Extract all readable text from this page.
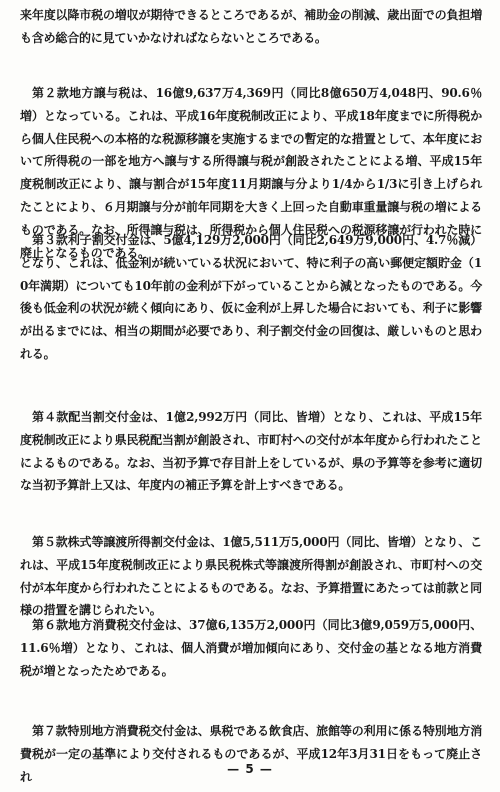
来年度以降市税の増収が期待できるところであるが、補助金の削減、歳出面での負担増も含め総合的に見ていかなければならないところである。

第２款地方譲与税は、16億9,637万4,369円（同比8億650万4,048円、90.6％増）となっている。これは、平成16年度税制改正により、平成18年度までに所得税から個人住民税への本格的な税源移譲を実施するまでの暫定的な措置として、本年度において所得税の一部を地方へ譲与する所得譲与税が創設されたことによる増、平成15年度税制改正により、譲与割合が15年度11月期譲与分より1/4から1/3に引き上げられたことにより、６月期譲与分が前年同期を大きく上回った自動車重量譲与税の増によるものである。なお、所得譲与税は、所得税から個人住民税への税源移譲が行われた時に廃止となるものである。

第３款利子割交付金は、5億4,129万2,000円（同比2,649万9,000円、4.7％減）となり、これは、低金利が続いている状況において、特に利子の高い郵便定額貯金（10年満期）についても10年前の金利が下がっていることから減となったものである。今後も低金利の状況が続く傾向にあり、仮に金利が上昇した場合においても、利子に影響が出るまでには、相当の期間が必要であり、利子割交付金の回復は、厳しいものと思われる。

第４款配当割交付金は、1億2,992万円（同比、皆増）となり、これは、平成15年度税制改正により県民税配当割が創設され、市町村への交付が本年度から行われたことによるものである。なお、当初予算で存目計上をしているが、県の予算等を参考に適切な当初予算計上又は、年度内の補正予算を計上すべきである。

第５款株式等譲渡所得割交付金は、1億5,511万5,000円（同比、皆増）となり、これは、平成15年度税制改正により県民税株式等譲渡所得割が創設され、市町村への交付が本年度から行われたことによるものである。なお、予算措置にあたっては前款と同様の措置を講じられたい。

第６款地方消費税交付金は、37億6,135万2,000円（同比3億9,059万5,000円、11.6％増）となり、これは、個人消費が増加傾向にあり、交付金の基となる地方消費税が増となったためである。

第７款特別地方消費税交付金は、県税である飲食店、旅館等の利用に係る特別地方消費税が一定の基準により交付されるものであるが、平成12年3月31日をもって廃止され

— 5 —
